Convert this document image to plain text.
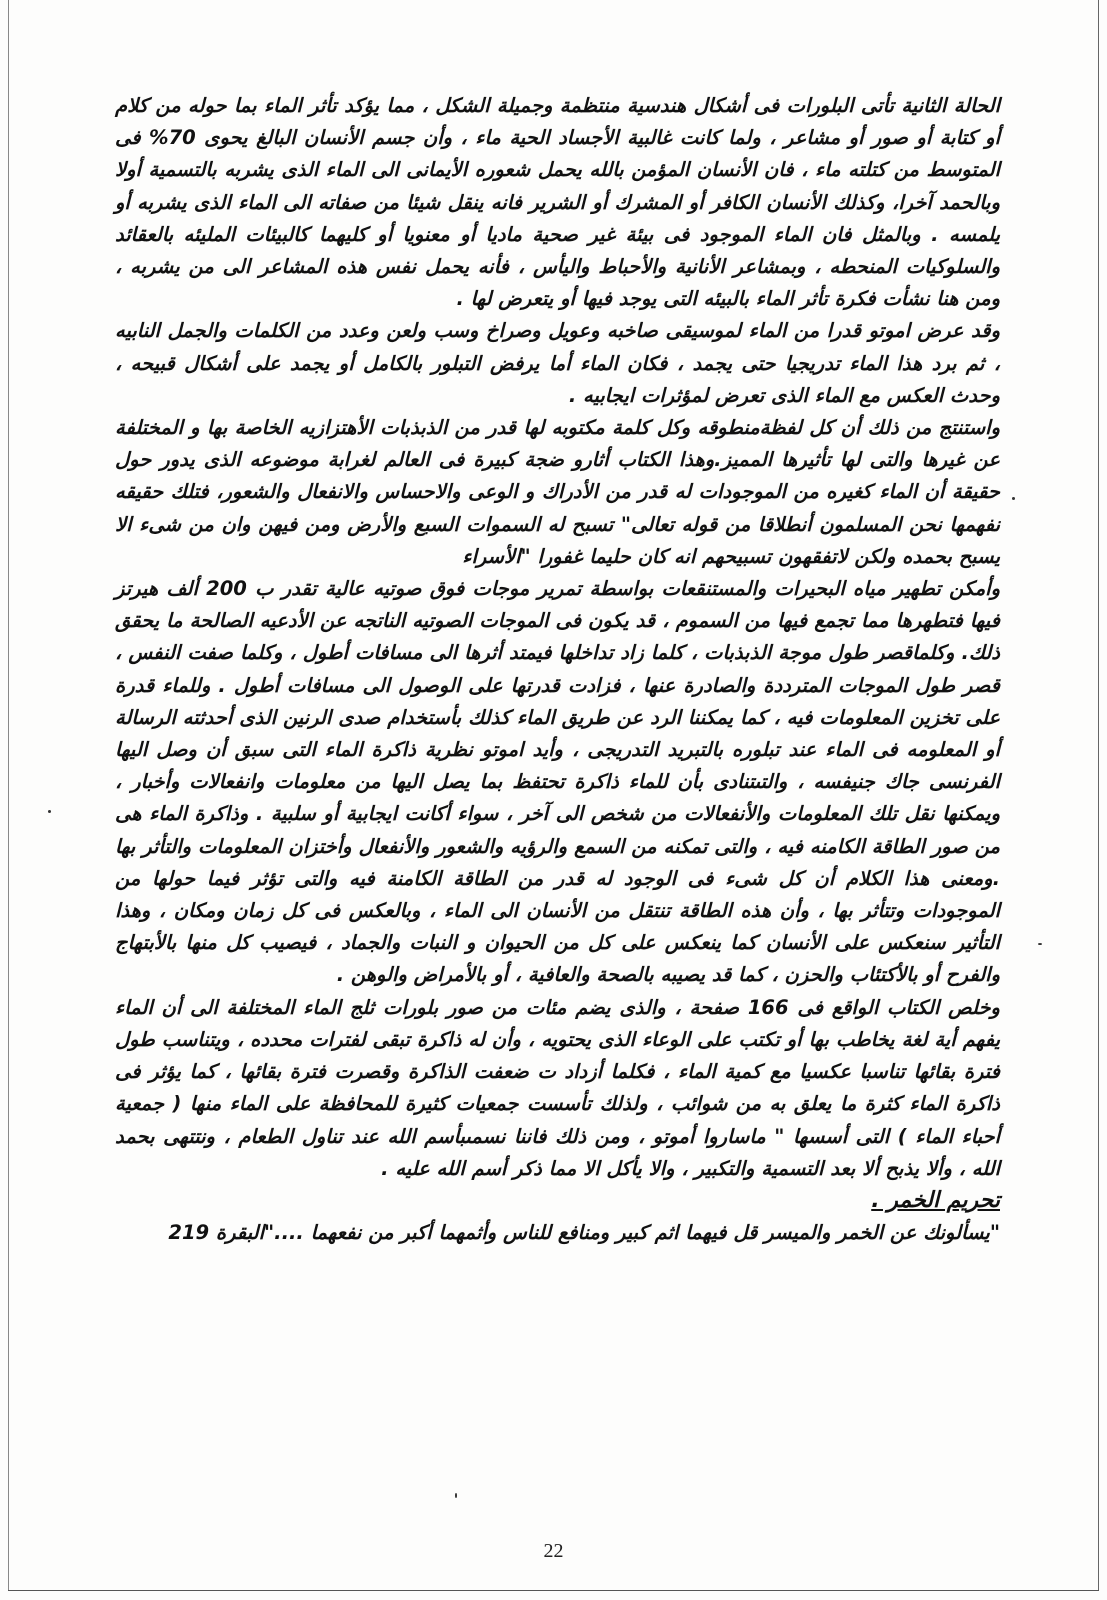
الحالة الثانية تأتى البلورات فى أشكال هندسية منتظمة وجميلة الشكل ، مما يؤكد تأثر الماء بما حوله من كلام أو كتابة أو صور أو مشاعر ، ولما كانت غالبية الأجساد الحية ماء ، وأن جسم الأنسان البالغ يحوى 70% فى المتوسط من كتلته ماء ، فان الأنسان المؤمن بالله يحمل شعوره الأيمانى الى الماء الذى يشربه بالتسمية أولا وبالحمد آخرا، وكذلك الأنسان الكافر أو المشرك أو الشرير فانه ينقل شيئا من صفاته الى الماء الذى يشربه أو يلمسه . وبالمثل فان الماء الموجود فى بيئة غير صحية ماديا أو معنويا أو كليهما كالبيئات المليئه بالعقائد والسلوكيات المنحطه ، وبمشاعر الأنانية والأحباط واليأس ، فأنه يحمل نفس هذه المشاعر الى من يشربه ، ومن هنا نشأت فكرة تأثر الماء بالبيئه التى يوجد فيها أو يتعرض لها .

وقد عرض اموتو قدرا من الماء لموسيقى صاخبه وعويل وصراخ وسب ولعن وعدد من الكلمات والجمل النابيه ، ثم برد هذا الماء تدريجيا حتى يجمد ، فكان الماء أما يرفض التبلور بالكامل أو يجمد على أشكال قبيحه ، وحدث العكس مع الماء الذى تعرض لمؤثرات ايجابيه .

واستنتج من ذلك أن كل لفظةمنطوقه وكل كلمة مكتوبه لها قدر من الذبذبات الأهتزازيه الخاصة بها و المختلفة عن غيرها والتى لها تأثيرها المميز.وهذا الكتاب أثارو ضجة كبيرة فى العالم لغرابة موضوعه الذى يدور حول حقيقة أن الماء كغيره من الموجودات له قدر من الأدراك و الوعى والاحساس والانفعال والشعور، فتلك حقيقه نفهمها نحن المسلمون أنطلاقا من قوله تعالى" تسبح له السموات السبع والأرض ومن فيهن وان من شىء الا يسبح بحمده ولكن لاتفقهون تسبيحهم انه كان حليما غفورا "الأسراء

وأمكن تطهير مياه البحيرات والمستنقعات بواسطة تمرير موجات فوق صوتيه عالية تقدر ب 200 ألف هيرتز فيها فتطهرها مما تجمع فيها من السموم ، قد يكون فى الموجات الصوتيه الناتجه عن الأدعيه الصالحة ما يحقق ذلك. وكلماقصر طول موجة الذبذبات ، كلما زاد تداخلها فيمتد أثرها الى مسافات أطول ، وكلما صفت النفس ، قصر طول الموجات المترددة والصادرة عنها ، فزادت قدرتها على الوصول الى مسافات أطول . وللماء قدرة على تخزين المعلومات فيه ، كما يمكننا الرد عن طريق الماء كذلك بأستخدام صدى الرنين الذى أحدثته الرسالة أو المعلومه فى الماء عند تبلوره بالتبريد التدريجى ، وأيد اموتو نظرية ذاكرة الماء التى سبق أن وصل اليها الفرنسى جاك جنيفسه ، والتىتنادى بأن للماء ذاكرة تحتفظ بما يصل اليها من معلومات وانفعالات وأخبار ، ويمكنها نقل تلك المعلومات والأنفعالات من شخص الى آخر ، سواء أكانت ايجابية أو سلبية . وذاكرة الماء هى من صور الطاقة الكامنه فيه ، والتى تمكنه من السمع والرؤيه والشعور والأنفعال وأختزان المعلومات والتأثر بها .ومعنى هذا الكلام أن كل شىء فى الوجود له قدر من الطاقة الكامنة فيه والتى تؤثر فيما حولها من الموجودات وتتأثر بها ، وأن هذه الطاقة تنتقل من الأنسان الى الماء ، وبالعكس فى كل زمان ومكان ، وهذا التأثير سنعكس على الأنسان كما ينعكس على كل من الحيوان و النبات والجماد ، فيصيب كل منها بالأبتهاج والفرح أو بالأكتئاب والحزن ، كما قد يصيبه بالصحة والعافية ، أو بالأمراض والوهن .

وخلص الكتاب الواقع فى 166 صفحة ، والذى يضم مئات من صور بلورات ثلج الماء المختلفة الى أن الماء يفهم أية لغة يخاطب بها أو تكتب على الوعاء الذى يحتويه ، وأن له ذاكرة تبقى لفترات محدده ، ويتناسب طول فترة بقائها تناسبا عكسيا مع كمية الماء ، فكلما أزداد ت ضعفت الذاكرة وقصرت فترة بقائها ، كما يؤثر فى ذاكرة الماء كثرة ما يعلق به من شوائب ، ولذلك تأسست جمعيات كثيرة للمحافظة على الماء منها ( جمعية أحباء الماء ) التى أسسها " ماساروا أموتو ، ومن ذلك فاننا نسمىبأسم الله عند تناول الطعام ، ونتتهى بحمد الله ، وألا يذبح ألا بعد التسمية والتكبير ، والا يأكل الا مما ذكر أسم الله عليه .

تحريم الخمر .

"يسألونك عن الخمر والميسر قل فيهما اثم كبير ومنافع للناس وأثمهما أكبر من نفعهما ...."البقرة 219

22
